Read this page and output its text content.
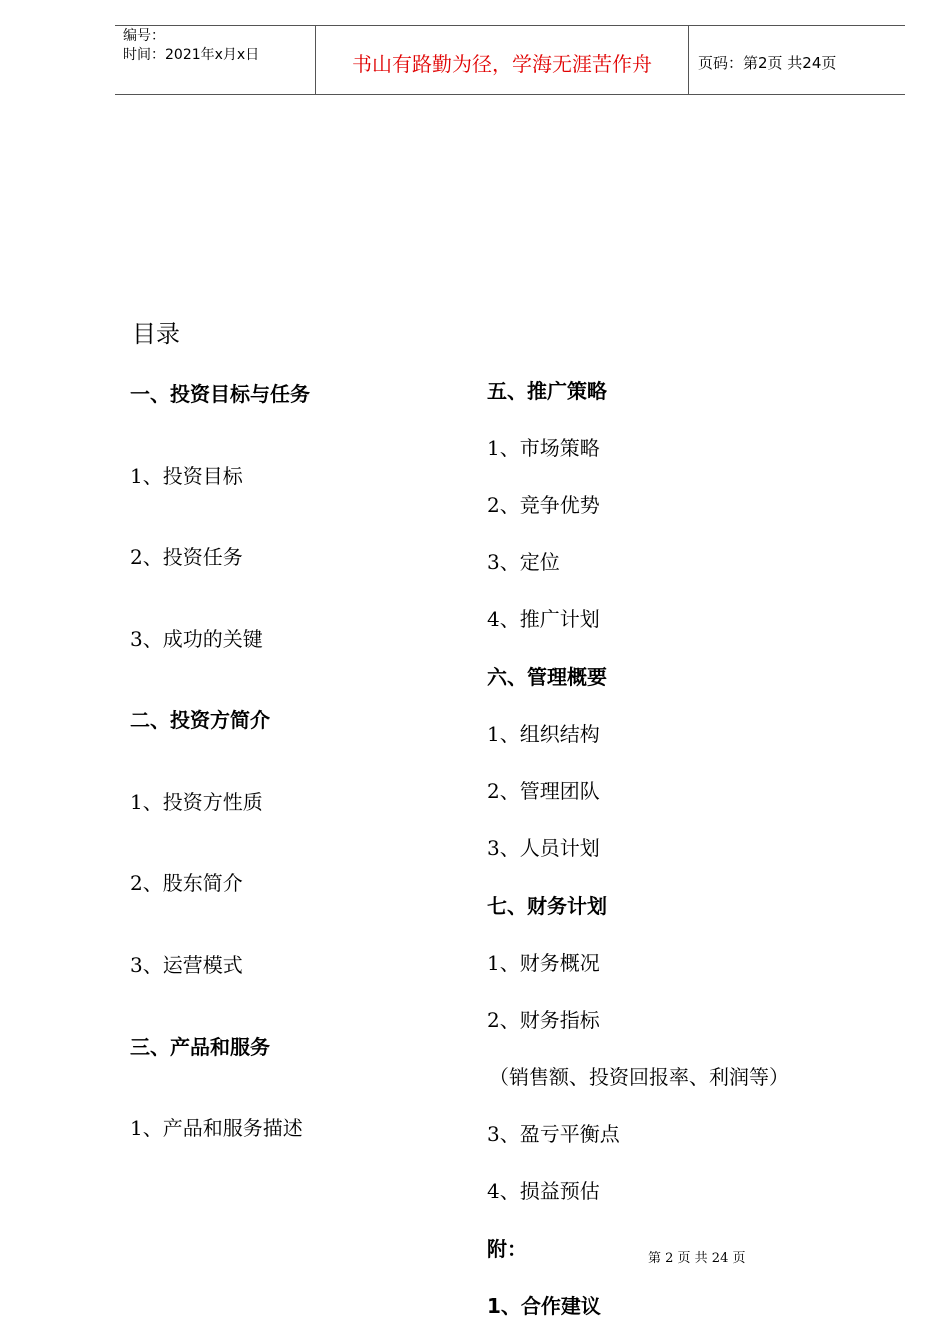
编号：
时间：2021年x月x日	书山有路勤为径，学海无涯苦作舟	页码：第2页 共24页
目录
一、投资目标与任务
1、投资目标
2、投资任务
3、成功的关键
二、投资方简介
1、投资方性质
2、股东简介
3、运营模式
三、产品和服务
1、产品和服务描述
五、推广策略
1、市场策略
2、竞争优势
3、定位
4、推广计划
六、管理概要
1、组织结构
2、管理团队
3、人员计划
七、财务计划
1、财务概况
2、财务指标
（销售额、投资回报率、利润等）
3、盈亏平衡点
4、损益预估
附：
1、合作建议
第 2 页 共 24 页
